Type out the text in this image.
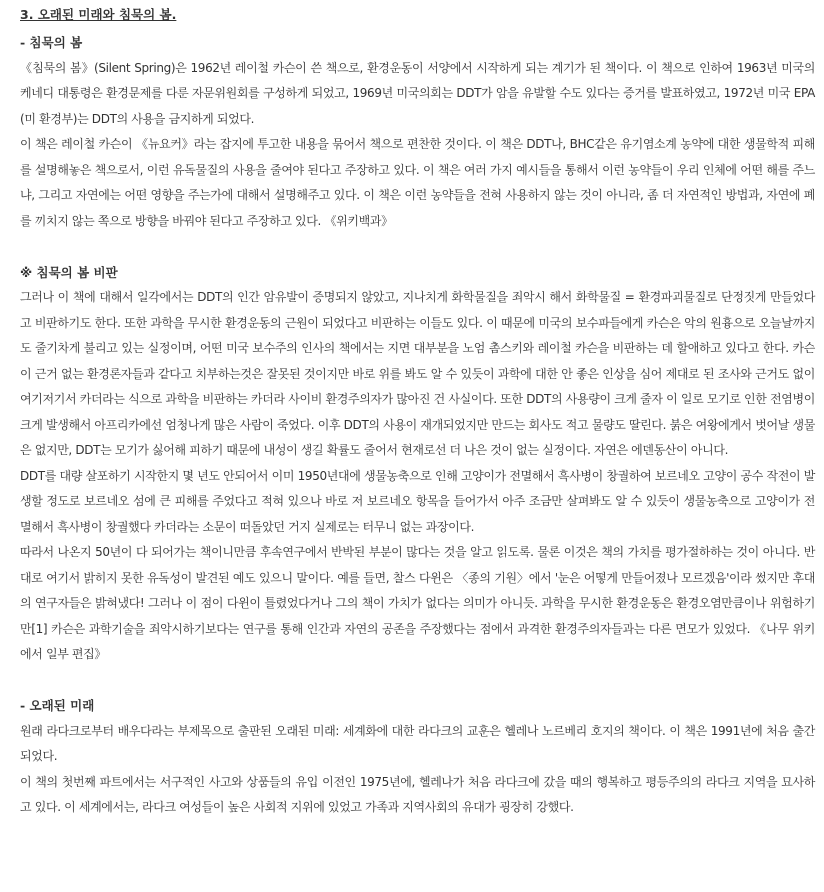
3. 오래된 미래와 침묵의 봄.
- 침묵의 봄

《침묵의 봄》(Silent Spring)은 1962년 레이철 카슨이 쓴 책으로, 환경운동이 서양에서 시작하게 되는 계기가 된 책이다. 이 책으로 인하여 1963년 미국의 케네디 대통령은 환경문제를 다룬 자문위원회를 구성하게 되었고, 1969년 미국의회는 DDT가 암을 유발할 수도 있다는 증거를 발표하였고, 1972년 미국 EPA(미 환경부)는 DDT의 사용을 금지하게 되었다.

이 책은 레이철 카슨이 《뉴요커》라는 잡지에 투고한 내용을 묶어서 책으로 편찬한 것이다. 이 책은 DDT나, BHC같은 유기염소계 농약에 대한 생물학적 피해를 설명해놓은 책으로서, 이런 유독물질의 사용을 줄여야 된다고 주장하고 있다. 이 책은 여러 가지 예시들을 통해서 이런 농약들이 우리 인체에 어떤 해를 주느냐, 그리고 자연에는 어떤 영향을 주는가에 대해서 설명해주고 있다. 이 책은 이런 농약들을 전혀 사용하지 않는 것이 아니라, 좀 더 자연적인 방법과, 자연에 폐를 끼치지 않는 쪽으로 방향을 바꿔야 된다고 주장하고 있다. 《위키백과》

※ 침묵의 봄 비판

그러나 이 책에 대해서 일각에서는 DDT의 인간 암유발이 증명되지 않았고, 지나치게 화학물질을 죄악시 해서 화학물질 = 환경파괴물질로 단정짓게 만들었다고 비판하기도 한다. 또한 과학을 무시한 환경운동의 근원이 되었다고 비판하는 이들도 있다. 이 때문에 미국의 보수파들에게 카슨은 악의 원흉으로 오늘날까지도 줄기차게 불리고 있는 실정이며, 어떤 미국 보수주의 인사의 책에서는 지면 대부분을 노엄 촘스키와 레이철 카슨을 비판하는 데 할애하고 있다고 한다. 카슨이 근거 없는 환경론자들과 같다고 치부하는것은 잘못된 것이지만 바로 위를 봐도 알 수 있듯이 과학에 대한 안 좋은 인상을 심어 제대로 된 조사와 근거도 없이 여기저기서 카더라는 식으로 과학을 비판하는 카더라 사이비 환경주의자가 많아진 건 사실이다. 또한 DDT의 사용량이 크게 줄자 이 일로 모기로 인한 전염병이 크게 발생해서 아프리카에선 엄청나게 많은 사람이 죽었다. 이후 DDT의 사용이 재개되었지만 만드는 회사도 적고 물량도 딸린다. 붉은 여왕에게서 벗어날 생물은 없지만, DDT는 모기가 싫어해 피하기 때문에 내성이 생길 확률도 줄어서 현재로선 더 나은 것이 없는 실정이다. 자연은 에덴동산이 아니다.

DDT를 대량 살포하기 시작한지 몇 년도 안되어서 이미 1950년대에 생물농축으로 인해 고양이가 전멸해서 흑사병이 창궐하여 보르네오 고양이 공수 작전이 발생할 정도로 보르네오 섬에 큰 피해를 주었다고 적혀 있으나 바로 저 보르네오 항목을 들어가서 아주 조금만 살펴봐도 알 수 있듯이 생물농축으로 고양이가 전멸해서 흑사병이 창궐했다 카더라는 소문이 떠돌았던 거지 실제로는 터무니 없는 과장이다.

따라서 나온지 50년이 다 되어가는 책이니만큼 후속연구에서 반박된 부분이 많다는 것을 알고 읽도록. 물론 이것은 책의 가치를 평가절하하는 것이 아니다. 반대로 여기서 밝히지 못한 유독성이 발견된 예도 있으니 말이다. 예를 들면, 찰스 다윈은 〈종의 기원〉에서 '눈은 어떻게 만들어졌나 모르겠음'이라 썼지만 후대의 연구자들은 밝혀냈다! 그러나 이 점이 다윈이 틀렸었다거나 그의 책이 가치가 없다는 의미가 아니듯. 과학을 무시한 환경운동은 환경오염만큼이나 위험하기만[1] 카슨은 과학기술을 죄악시하기보다는 연구를 통해 인간과 자연의 공존을 주장했다는 점에서 과격한 환경주의자들과는 다른 면모가 있었다. 《나무 위키에서 일부 편집》

- 오래된 미래

원래 라다크로부터 배우다라는 부제목으로 출판된 오래된 미래: 세계화에 대한 라다크의 교훈은 헬레나 노르베리 호지의 책이다. 이 책은 1991년에 처음 출간되었다.

이 책의 첫번째 파트에서는 서구적인 사고와 상품들의 유입 이전인 1975년에, 헬레나가 처음 라다크에 갔을 때의 행복하고 평등주의의 라다크 지역을 묘사하고 있다. 이 세계에서는, 라다크 여성들이 높은 사회적 지위에 있었고 가족과 지역사회의 유대가 굉장히 강했다.
